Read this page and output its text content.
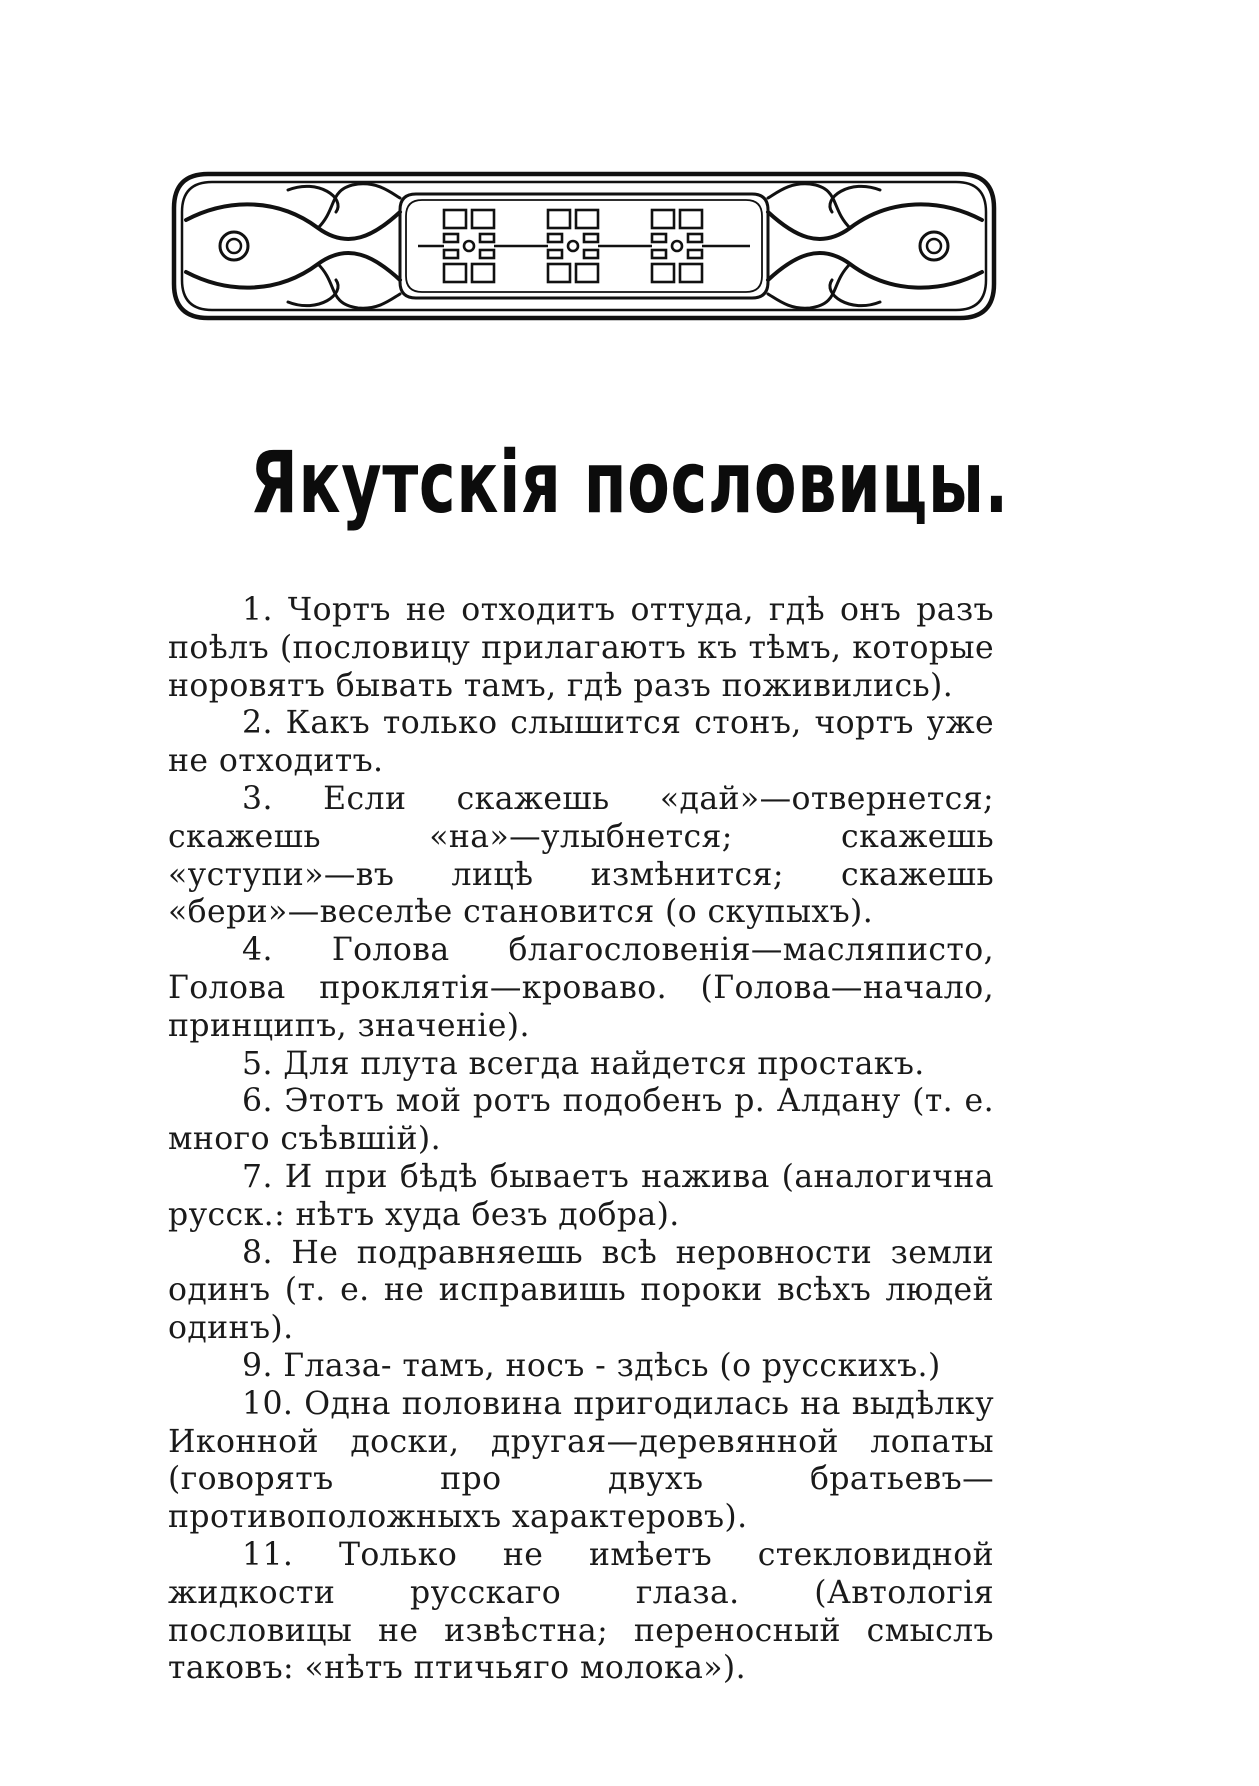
Якутскія пословицы.
1. Чортъ не отходитъ оттуда, гдѣ онъ разъ поѣлъ (пословицу прилагаютъ къ тѣмъ, которые норовятъ бывать тамъ, гдѣ разъ поживились).
2. Какъ только слышится стонъ, чортъ уже не отходитъ.
3. Если скажешь «дай»—отвернется; скажешь «на»—улыбнется; скажешь «уступи»—въ лицѣ измѣнится; скажешь «бери»—веселѣе становится (о скупыхъ).
4. Голова благословенія—масляписто, Голова проклятія—кроваво. (Голова—начало, принципъ, значеніе).
5. Для плута всегда найдется простакъ.
6. Этотъ мой ротъ подобенъ р. Алдану (т. е. много съѣвшій).
7. И при бѣдѣ бываетъ нажива (аналогична русск.: нѣтъ худа безъ добра).
8. Не подравняешь всѣ неровности земли одинъ (т. е. не исправишь пороки всѣхъ людей одинъ).
9. Глаза- тамъ, носъ - здѣсь (о русскихъ.)
10. Одна половина пригодилась на выдѣлку Иконной доски, другая—деревянной лопаты (говорятъ про двухъ братьевъ—противоположныхъ характеровъ).
11. Только не имѣетъ стекловидной жидкости русскаго глаза. (Автологія пословицы не извѣстна; переносный смыслъ таковъ: «нѣтъ птичьяго молока»).
